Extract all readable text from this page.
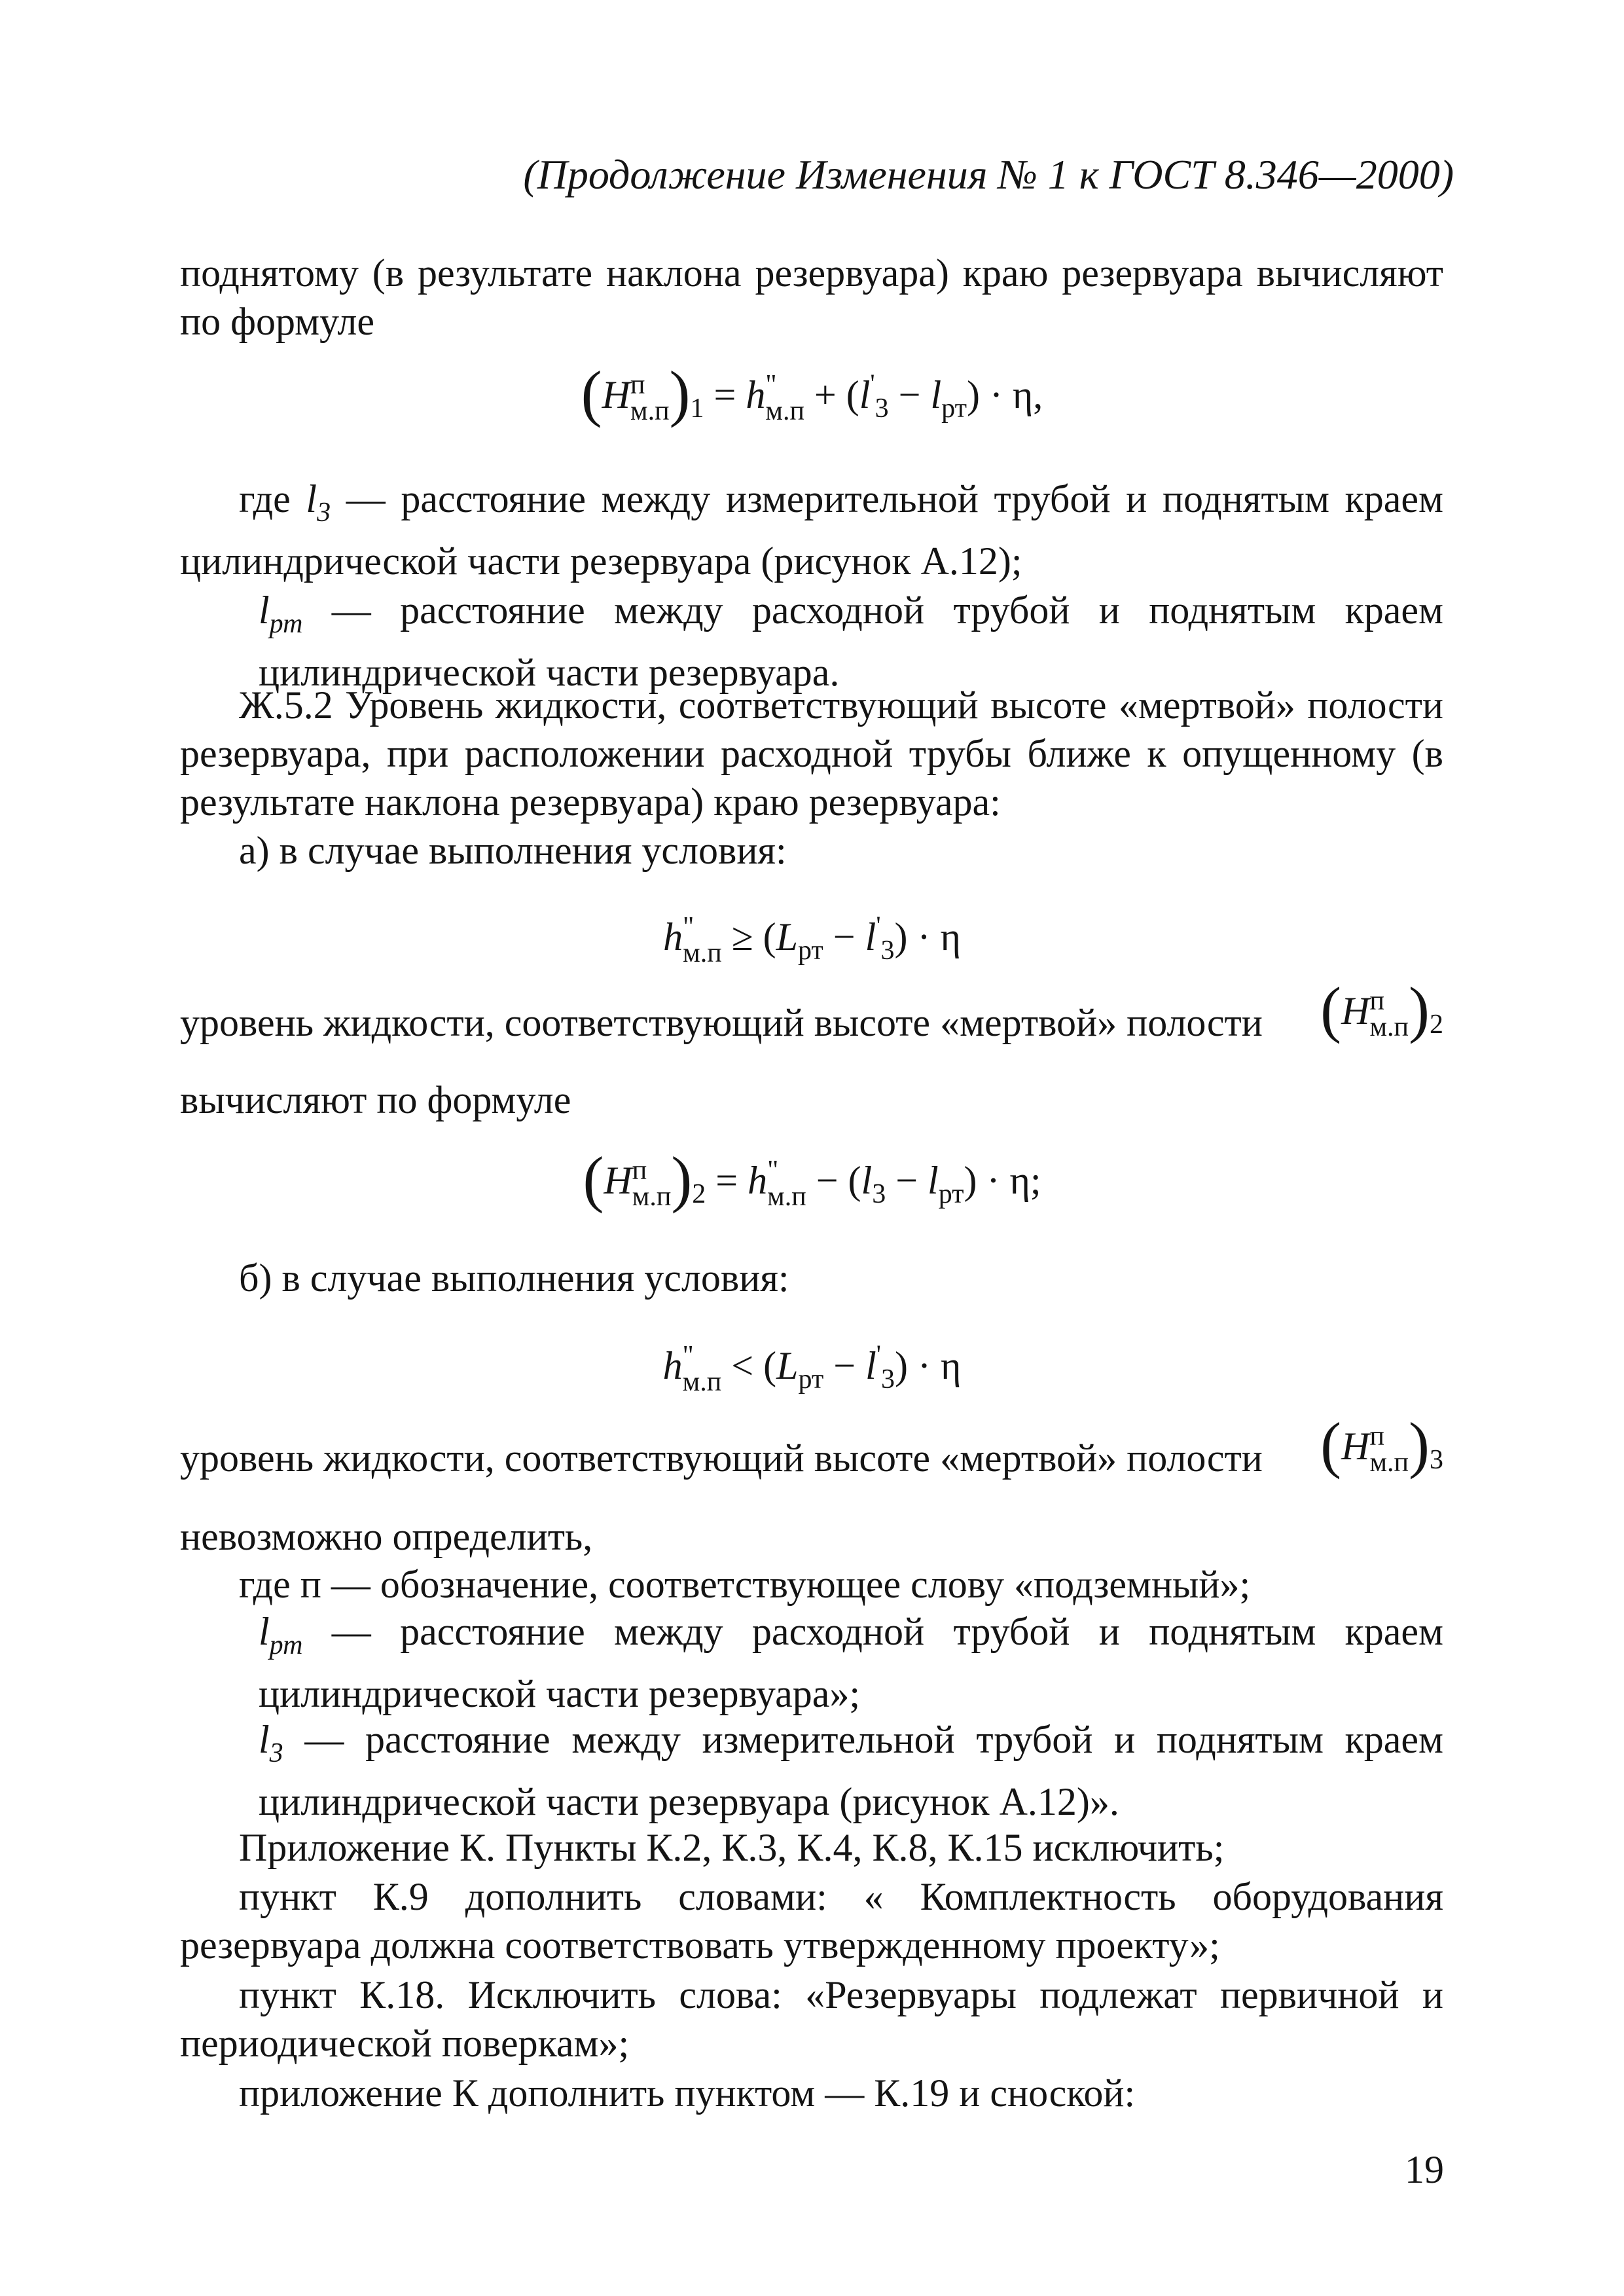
(Продолжение Изменения № 1 к ГОСТ 8.346—2000)
поднятому (в результате наклона резервуара) краю резервуара вычисляют по формуле
(H п
м.п )$_1 = h$ "
$м.п + (l'_3 - l_{рт}) \cdot \eta$,
где $l_3$ — расстояние между измерительной трубой и поднятым краем цилиндрической части резервуара (рисунок А.12);
$l_{рт}$ — расстояние между расходной трубой и поднятым краем цилиндрической части резервуара.
Ж.5.2 Уровень жидкости, соответствующий высоте «мертвой» полости резервуара, при расположении расходной трубы ближе к опущенному (в результате наклона резервуара) краю резервуара:
а) в случае выполнения условия:
h "
$м.п \ge (L_{рт} - l'_3) \cdot \eta$
уровень жидкости, соответствующий высоте «мертвой» полости (H п
м.п )$_2$
вычисляют по формуле
(H п
м.п )$_2 = h$ "
$м.п - (l_3 - l_{рт}) \cdot \eta$;
б) в случае выполнения условия:
h "
$м.п < (L_{рт} - l'_3) \cdot \eta$
уровень жидкости, соответствующий высоте «мертвой» полости (H п
м.п )$_3$
невозможно определить,
где п — обозначение, соответствующее слову «подземный»;
$l_{рт}$ — расстояние между расходной трубой и поднятым краем цилиндрической части резервуара»;
$l_3$ — расстояние между измерительной трубой и поднятым краем цилиндрической части резервуара (рисунок А.12)».
Приложение К. Пункты К.2, К.3, К.4, К.8, К.15 исключить;
пункт К.9 дополнить словами: « Комплектность оборудования резервуара должна соответствовать утвержденному проекту»;
пункт К.18. Исключить слова: «Резервуары подлежат первичной и периодической поверкам»;
приложение К дополнить пунктом — К.19 и сноской:
19
